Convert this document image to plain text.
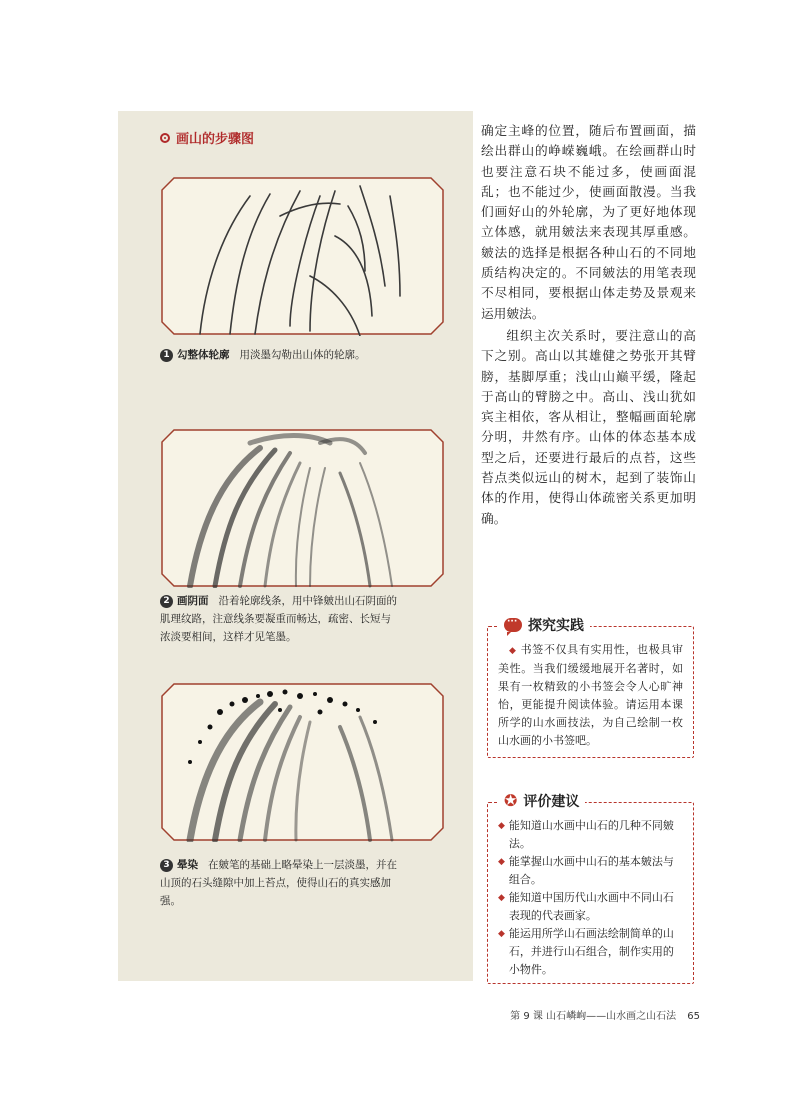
画山的步骤图
1 勾整体轮廓 用淡墨勾勒出山体的轮廓。
2 画阴面 沿着轮廓线条，用中锋皴出山石阴面的肌理纹路，注意线条要凝重而畅达，疏密、长短与浓淡要相间，这样才见笔墨。
3 晕染 在皴笔的基础上略晕染上一层淡墨，并在山顶的石头缝隙中加上苔点，使得山石的真实感加强。

确定主峰的位置，随后布置画面，描绘出群山的峥嵘巍峨。在绘画群山时也要注意石块不能过多，使画面混乱；也不能过少，使画面散漫。当我们画好山的外轮廓，为了更好地体现立体感，就用皴法来表现其厚重感。皴法的选择是根据各种山石的不同地质结构决定的。不同皴法的用笔表现不尽相同，要根据山体走势及景观来运用皴法。

组织主次关系时，要注意山的高下之别。高山以其雄健之势张开其臂膀，基脚厚重；浅山山巅平缓，隆起于高山的臂膀之中。高山、浅山犹如宾主相依，客从相让，整幅画面轮廓分明，井然有序。山体的体态基本成型之后，还要进行最后的点苔，这些苔点类似远山的树木，起到了装饰山体的作用，使得山体疏密关系更加明确。

···
探究实践

◆ 书签不仅具有实用性，也极具审美性。当我们缓缓地展开名著时，如果有一枚精致的小书签会令人心旷神怡，更能提升阅读体验。请运用本课所学的山水画技法，为自己绘制一枚山水画的小书签吧。

✪ 评价建议
◆ 能知道山水画中山石的几种不同皴法。
◆ 能掌握山水画中山石的基本皴法与组合。
◆ 能知道中国历代山水画中不同山石表现的代表画家。
◆ 能运用所学山石画法绘制简单的山石，并进行山石组合，制作实用的小物件。
第 9 课 山石嶙峋——山水画之山石法 65
